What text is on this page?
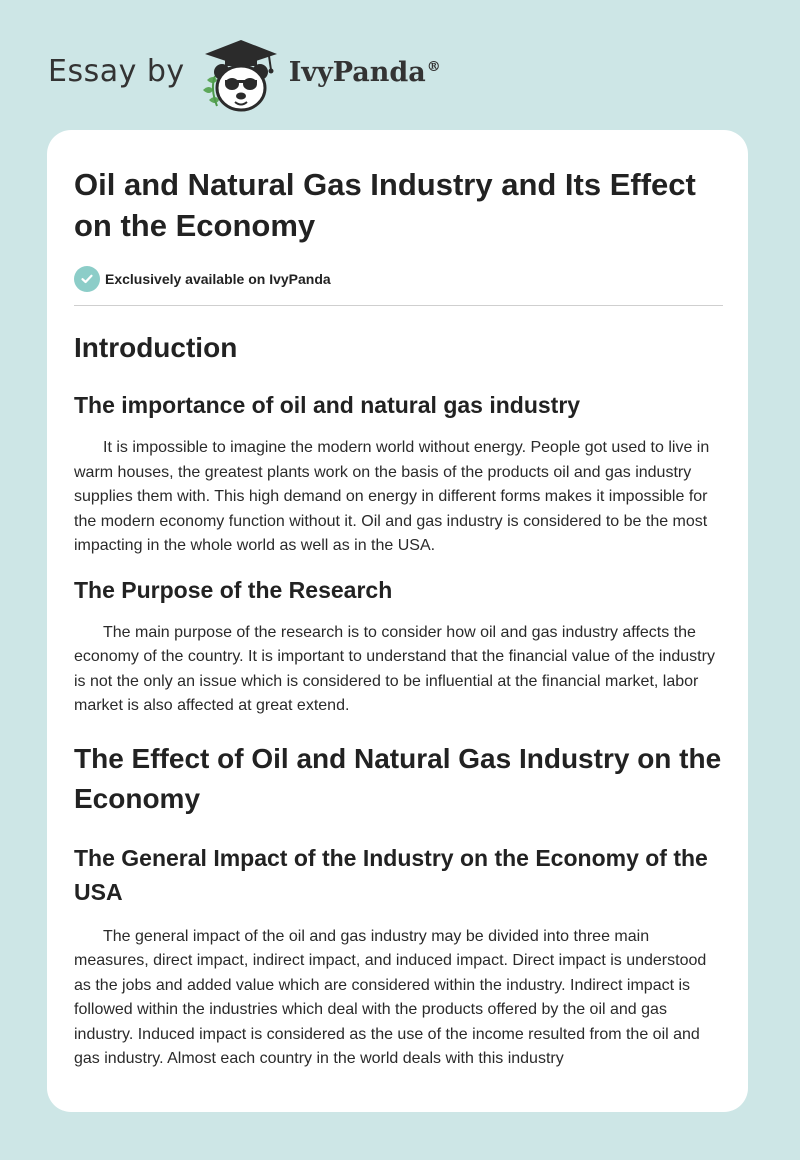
Essay by	IvyPanda®
Oil and Natural Gas Industry and Its Effect on the Economy
Exclusively available on IvyPanda
Introduction
The importance of oil and natural gas industry

It is impossible to imagine the modern world without energy. People got used to live in warm houses, the greatest plants work on the basis of the products oil and gas industry supplies them with. This high demand on energy in different forms makes it impossible for the modern economy function without it. Oil and gas industry is considered to be the most impacting in the whole world as well as in the USA.

The Purpose of the Research

The main purpose of the research is to consider how oil and gas industry affects the economy of the country. It is important to understand that the financial value of the industry is not the only an issue which is considered to be influential at the financial market, labor market is also affected at great extend.

The Effect of Oil and Natural Gas Industry on the Economy
The General Impact of the Industry on the Economy of the USA

The general impact of the oil and gas industry may be divided into three main measures, direct impact, indirect impact, and induced impact. Direct impact is understood as the jobs and added value which are considered within the industry. Indirect impact is followed within the industries which deal with the products offered by the oil and gas industry. Induced impact is considered as the use of the income resulted from the oil and gas industry. Almost each country in the world deals with this industry
